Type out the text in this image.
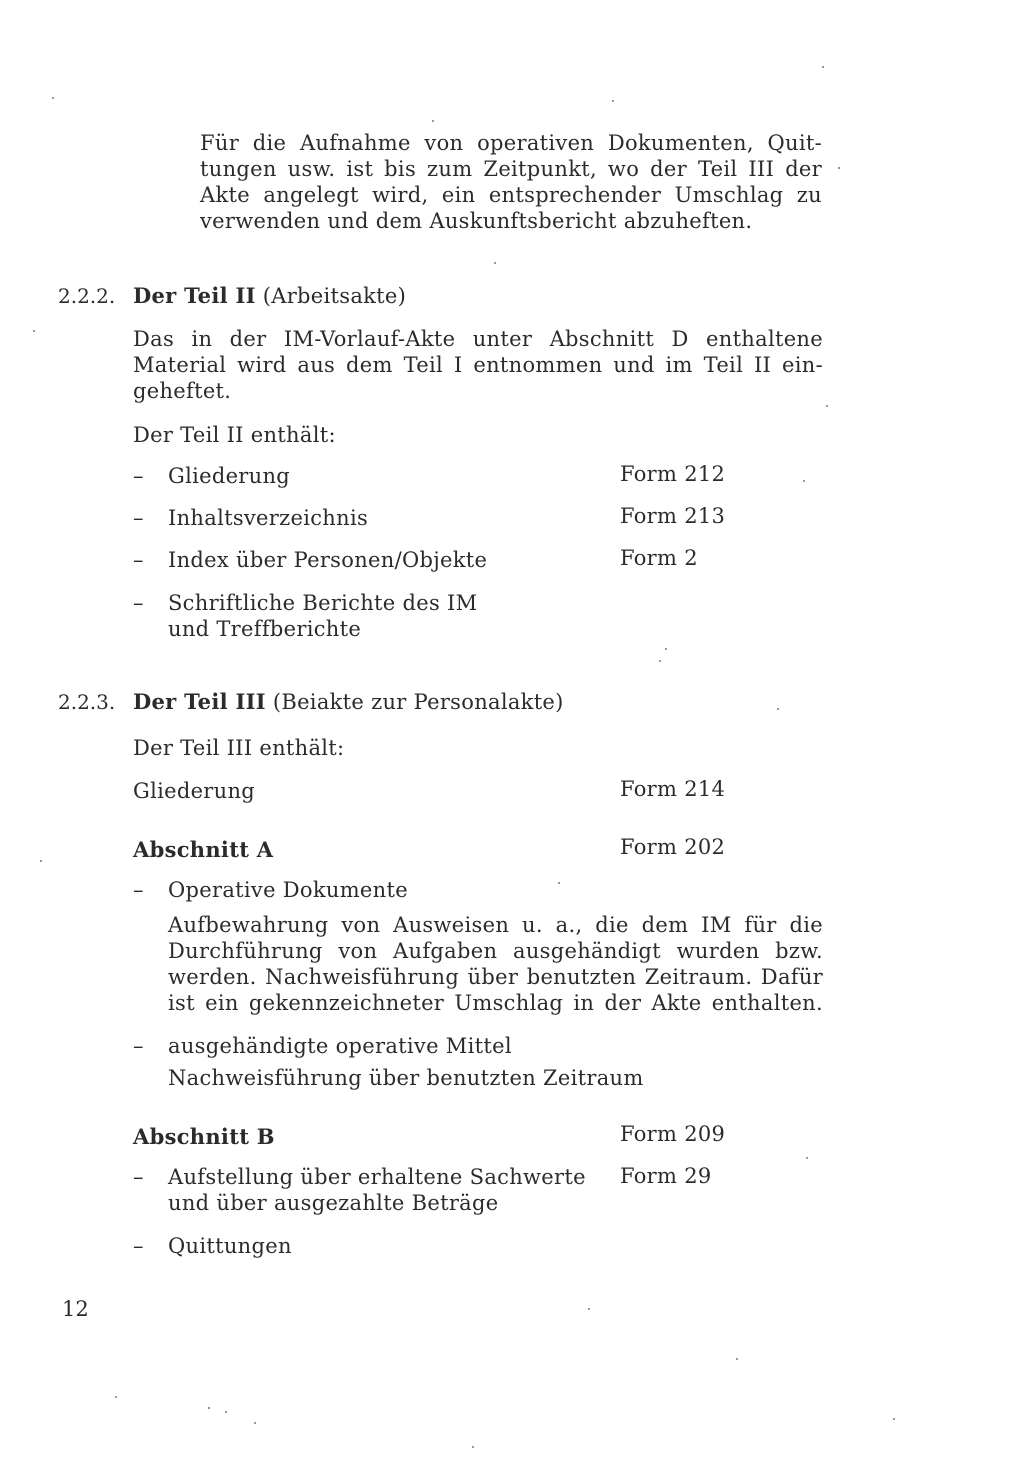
Für die Aufnahme von operativen Dokumenten, Quit-

tungen usw. ist bis zum Zeitpunkt, wo der Teil III der

Akte angelegt wird, ein entsprechender Umschlag zu

verwenden und dem Auskunftsbericht abzuheften.

2.2.2. Der Teil II (Arbeitsakte)

Das in der IM-Vorlauf-Akte unter Abschnitt D enthaltene

Material wird aus dem Teil I entnommen und im Teil II ein-

geheftet.

Der Teil II enthält:

– Gliederung	Form 212

– Inhaltsverzeichnis	Form 213

– Index über Personen/Objekte	Form 2

– Schriftliche Berichte des IM

und Treffberichte

2.2.3. Der Teil III (Beiakte zur Personalakte)

Der Teil III enthält:

Gliederung	Form 214

Abschnitt A	Form 202

– Operative Dokumente

Aufbewahrung von Ausweisen u. a., die dem IM für die

Durchführung von Aufgaben ausgehändigt wurden bzw.

werden. Nachweisführung über benutzten Zeitraum. Dafür

ist ein gekennzeichneter Umschlag in der Akte enthalten.

– ausgehändigte operative Mittel

Nachweisführung über benutzten Zeitraum

Abschnitt B	Form 209

– Aufstellung über erhaltene Sachwerte Form 29

und über ausgezahlte Beträge

– Quittungen

12
